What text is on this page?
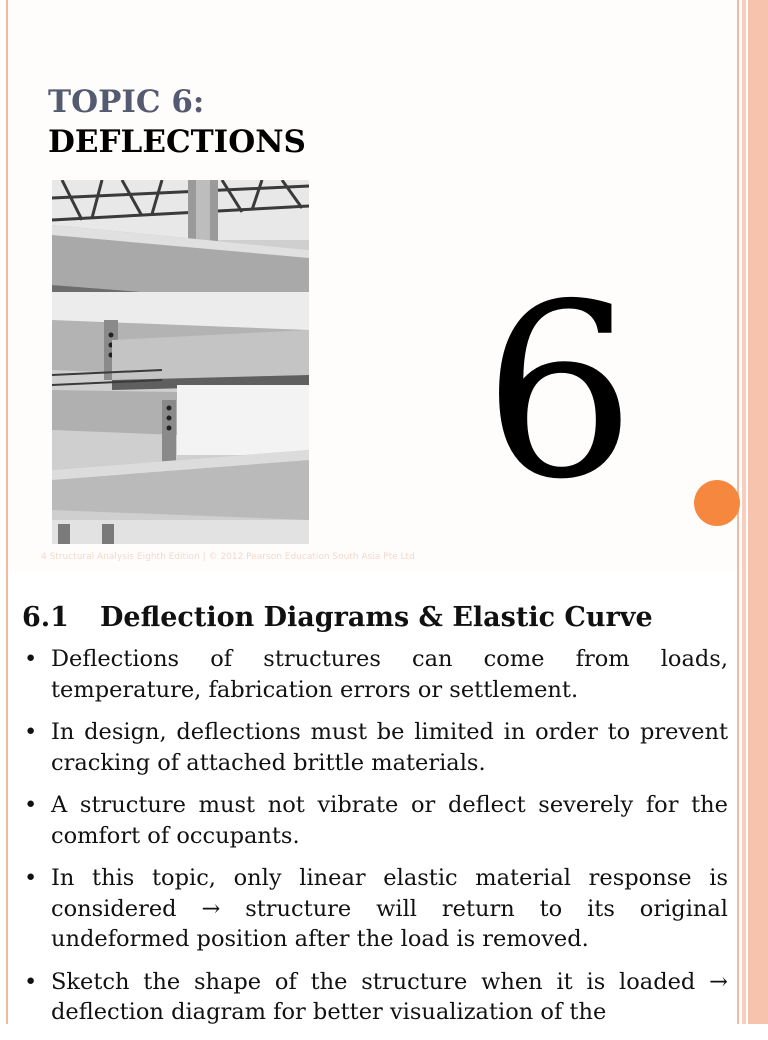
TOPIC 6:
DEFLECTIONS
6
4 Structural Analysis Eighth Edition | © 2012 Pearson Education South Asia Pte Ltd
6.1 Deflection Diagrams & Elastic Curve
• Deflections of structures can come from loads, temperature, fabrication errors or settlement.
• In design, deflections must be limited in order to prevent cracking of attached brittle materials.
• A structure must not vibrate or deflect severely for the comfort of occupants.
• In this topic, only linear elastic material response is considered → structure will return to its original undeformed position after the load is removed.
• Sketch the shape of the structure when it is loaded → deflection diagram for better visualization of the
